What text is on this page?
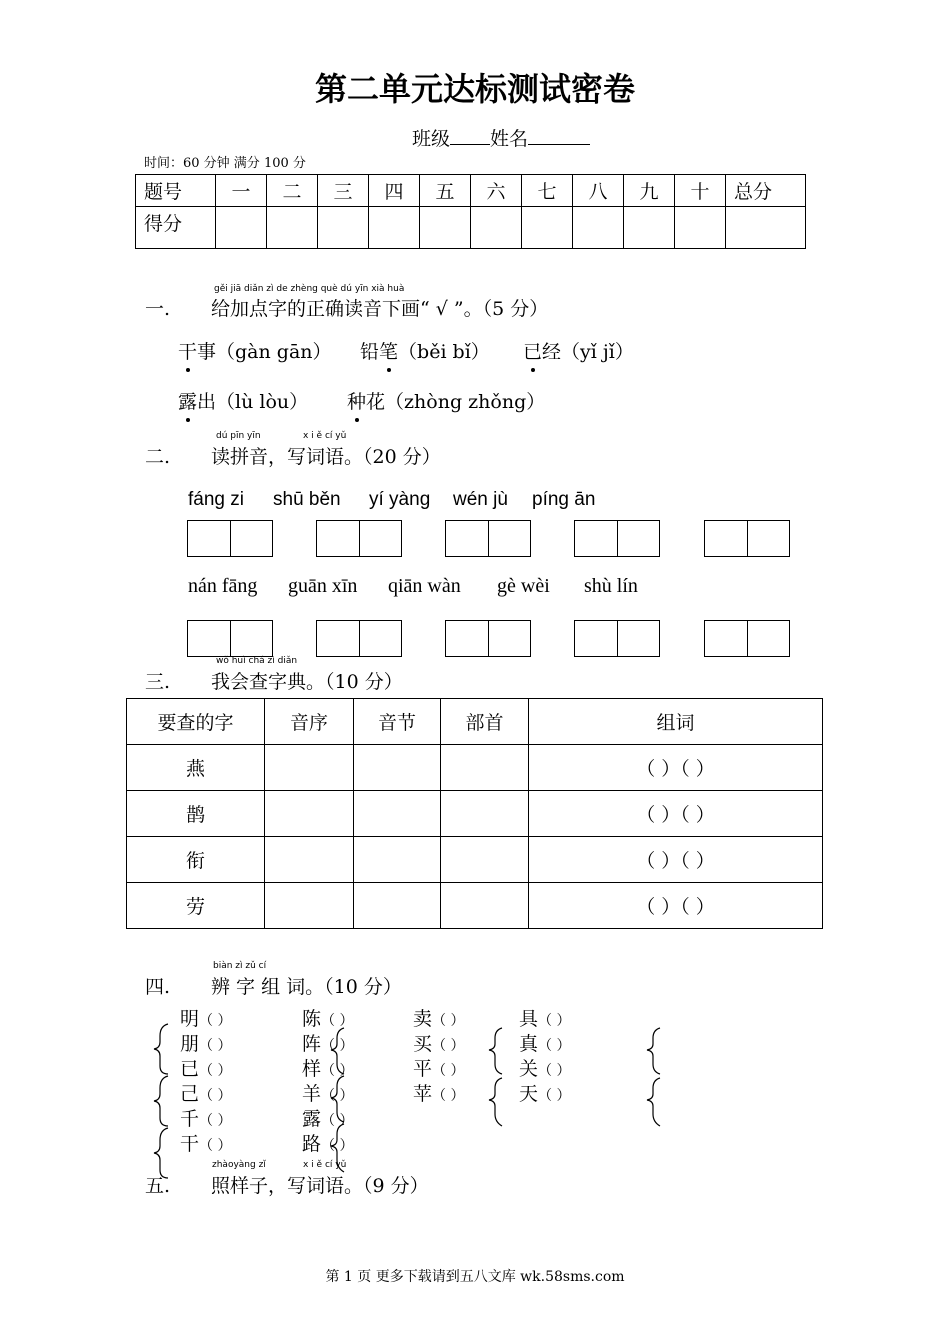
第二单元达标测试密卷
班级 姓名
时间：60 分钟 满分 100 分
题号	一	二	三	四	五	六	七	八	九	十	总分

得分											

gěi jiā diǎn zì de zhèng què dú yīn xià huà
一. 给加点字的正确读音下画“ √ ”。（5 分）
干事（gàn gān） 铅笔（běi bǐ） 已经（yǐ jǐ）
露出（lù lòu） 种花（zhòng zhǒng）
dú pīn yīn	x i ě cí yǔ
二. 读拼音，写词语。（20 分）
fáng zi shū běn yí yàng wén jù píng ān
nán fāng guān xīn qiān wàn gè wèi shù lín
wǒ huì chá zì diǎn
三. 我会查字典。（10 分）
要查的字	音序	音节	部首	组词
燕				（ ）（ ）
鹊				（ ）（ ）
衔				（ ）（ ）
劳				（ ）（ ）
biàn zì zǔ cí
四. 辨 字 组 词。（10 分）
明（ ）
朋（ ）
已（ ）
己（ ）
千（ ）
干（ ）
陈（ ）
阵（ ）
样（ ）
羊（ ）
露（ ）
路（ ）
卖（ ）
买（ ）
平（ ）
苹（ ）
具（ ）
真（ ）
关（ ）
天（ ）
zhàoyàng zǐ	x i ě cí yǔ
五. 照样子，写词语。（9 分）
第 1 页 更多下载请到五八文库 wk.58sms.com
